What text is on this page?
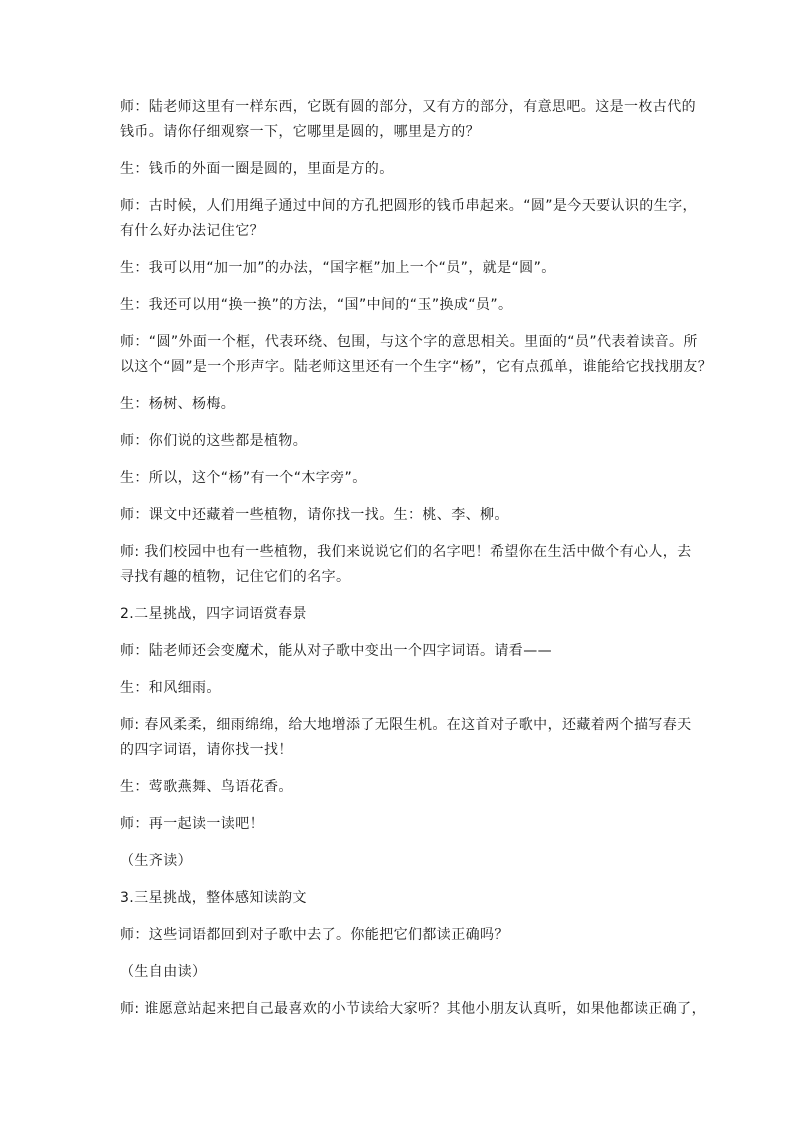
师：陆老师这里有一样东西，它既有圆的部分，又有方的部分，有意思吧。这是一枚古代的
钱币。请你仔细观察一下，它哪里是圆的，哪里是方的？

生：钱币的外面一圈是圆的，里面是方的。

师：古时候，人们用绳子通过中间的方孔把圆形的钱币串起来。“圆”是今天要认识的生字，
有什么好办法记住它？

生：我可以用“加一加”的办法，“国字框”加上一个“员”，就是“圆”。

生：我还可以用“换一换”的方法，“国”中间的“玉”换成“员”。

师：“圆”外面一个框，代表环绕、包围，与这个字的意思相关。里面的“员”代表着读音。所
以这个“圆”是一个形声字。陆老师这里还有一个生字“杨”，它有点孤单，谁能给它找找朋友？

生：杨树、杨梅。

师：你们说的这些都是植物。

生：所以，这个“杨”有一个“木字旁”。

师：课文中还藏着一些植物，请你找一找。生：桃、李、柳。

师: 我们校园中也有一些植物，我们来说说它们的名字吧！希望你在生活中做个有心人，去
寻找有趣的植物，记住它们的名字。

2.二星挑战，四字词语赏春景

师：陆老师还会变魔术，能从对子歌中变出一个四字词语。请看——

生：和风细雨。

师: 春风柔柔，细雨绵绵，给大地增添了无限生机。在这首对子歌中，还藏着两个描写春天
的四字词语，请你找一找！

生：莺歌燕舞、鸟语花香。

师：再一起读一读吧！

（生齐读）

3.三星挑战，整体感知读韵文

师：这些词语都回到对子歌中去了。你能把它们都读正确吗？

（生自由读）

师: 谁愿意站起来把自己最喜欢的小节读给大家听？其他小朋友认真听，如果他都读正确了，
